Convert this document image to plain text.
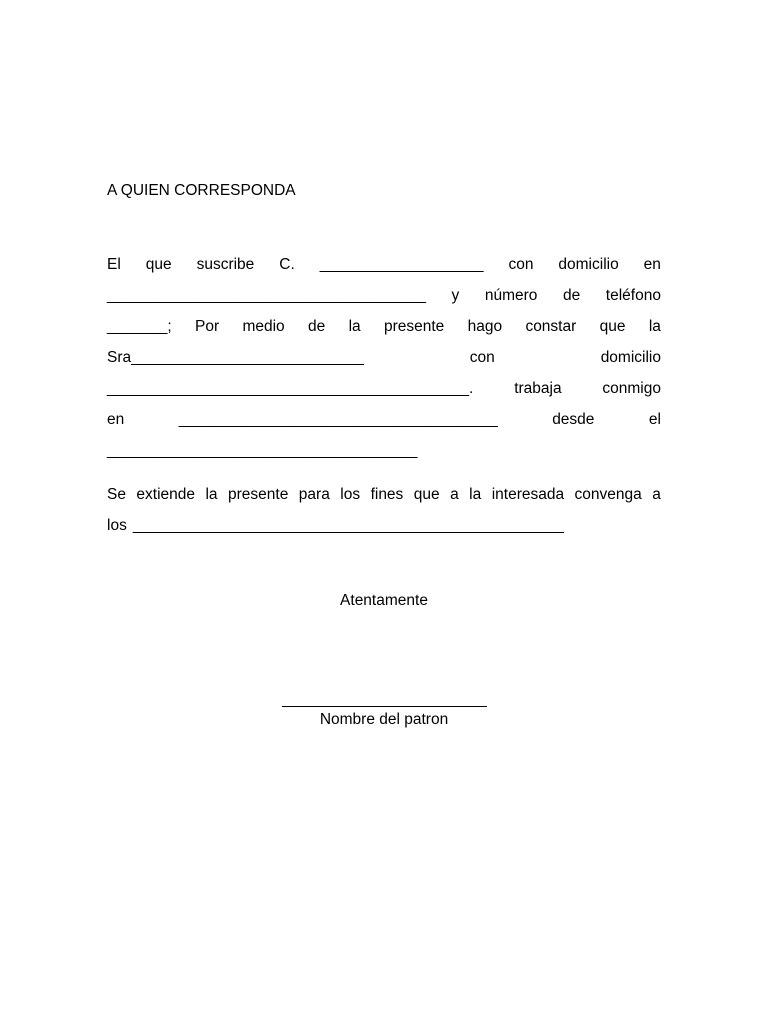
A QUIEN CORRESPONDA
El que suscribe C. ___________________ con domicilio en
_____________________________________ y número de teléfono
_______; Por medio de la presente hago constar que la
Sra___________________________	con	domicilio
__________________________________________.	trabaja	conmigo
en	_____________________________________	desde	el
____________________________________
Se extiende la presente para los fines que a la interesada convenga a
los __________________________________________________
Atentamente
Nombre del patron
